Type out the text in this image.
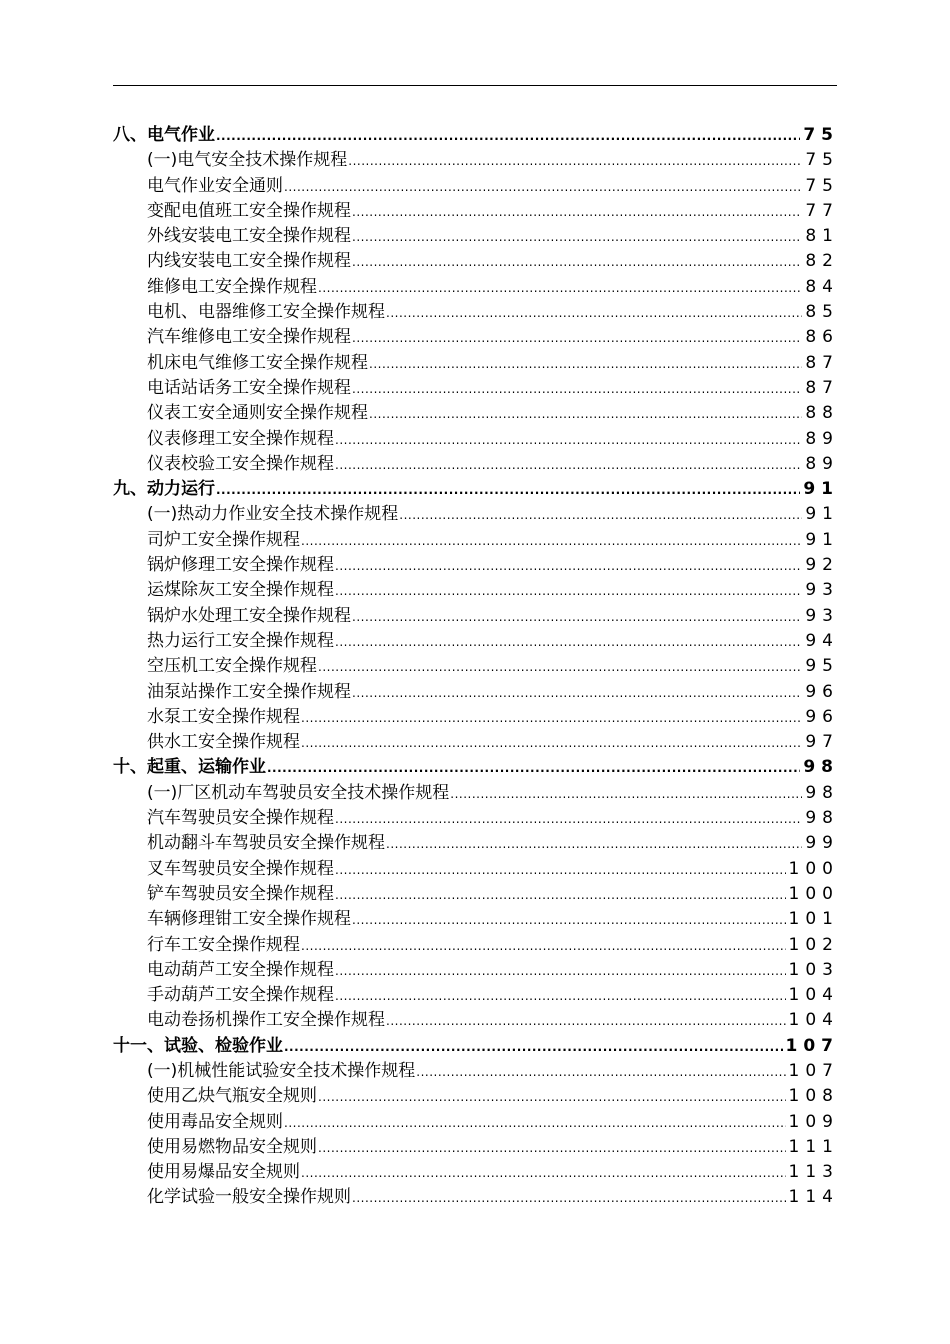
八、电气作业 .....	75
(一)电气安全技术操作规程 .....	75
电气作业安全通则 .....	75
变配电值班工安全操作规程 .....	77
外线安装电工安全操作规程 .....	81
内线安装电工安全操作规程 .....	82
维修电工安全操作规程 .....	84
电机、电器维修工安全操作规程 .....	85
汽车维修电工安全操作规程 .....	86
机床电气维修工安全操作规程 .....	87
电话站话务工安全操作规程 .....	87
仪表工安全通则安全操作规程 .....	88
仪表修理工安全操作规程 .....	89
仪表校验工安全操作规程 .....	89
九、动力运行 .....	91
(一)热动力作业安全技术操作规程 .....	91
司炉工安全操作规程 .....	91
锅炉修理工安全操作规程 .....	92
运煤除灰工安全操作规程 .....	93
锅炉水处理工安全操作规程 .....	93
热力运行工安全操作规程 .....	94
空压机工安全操作规程 .....	95
油泵站操作工安全操作规程 .....	96
水泵工安全操作规程 .....	96
供水工安全操作规程 .....	97
十、起重、运输作业 .....	98
(一)厂区机动车驾驶员安全技术操作规程 .....	98
汽车驾驶员安全操作规程 .....	98
机动翻斗车驾驶员安全操作规程 .....	99
叉车驾驶员安全操作规程 .....	100
铲车驾驶员安全操作规程 .....	100
车辆修理钳工安全操作规程 .....	101
行车工安全操作规程 .....	102
电动葫芦工安全操作规程 .....	103
手动葫芦工安全操作规程 .....	104
电动卷扬机操作工安全操作规程 .....	104
十一、试验、检验作业 .....	107
(一)机械性能试验安全技术操作规程 .....	107
使用乙炔气瓶安全规则 .....	108
使用毒品安全规则 .....	109
使用易燃物品安全规则 .....	111
使用易爆品安全规则 .....	113
化学试验一般安全操作规则 .....	114
